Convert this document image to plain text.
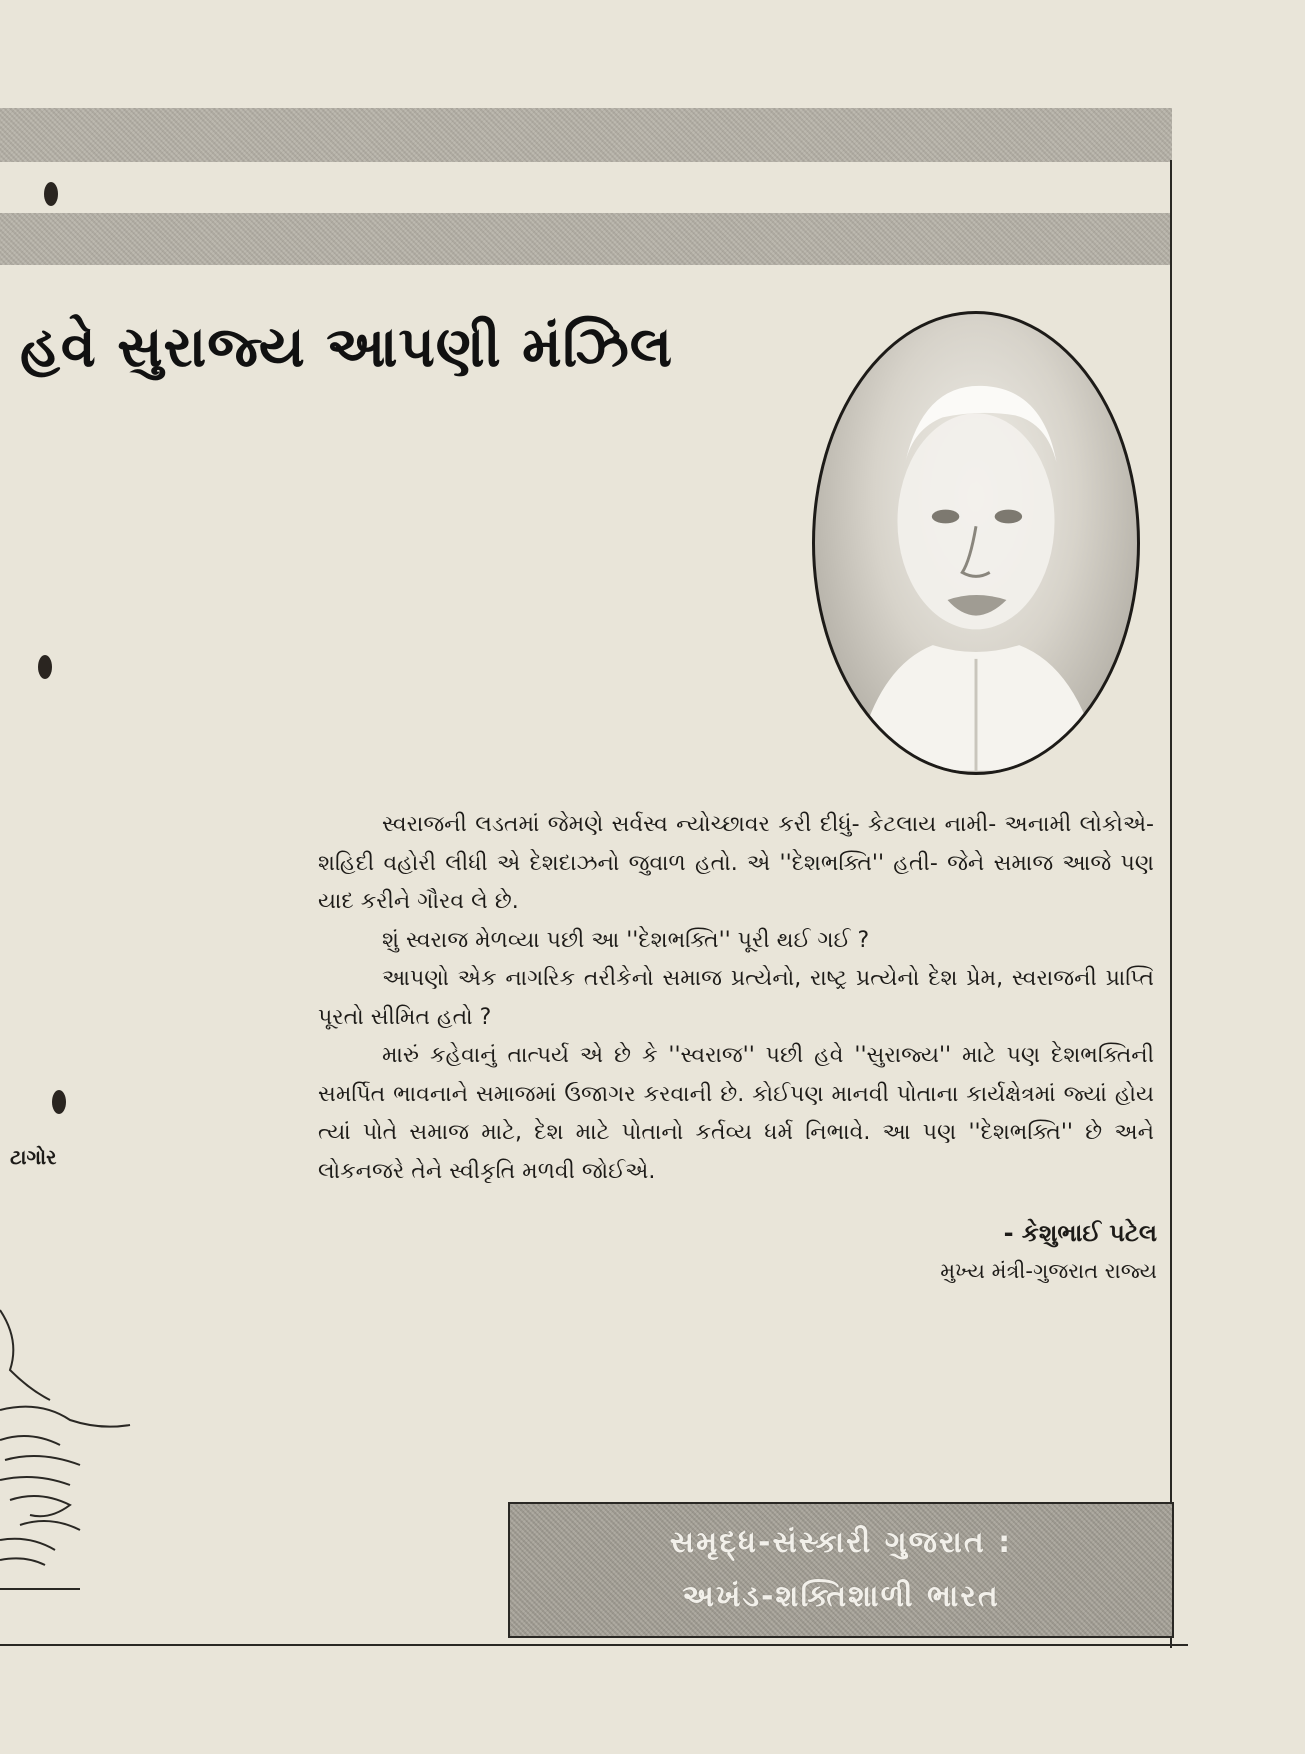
હવે સુરાજ્ય આપણી મંઝિલ

સ્વરાજની લડતમાં જેમણે સર્વસ્વ ન્યોચ્છાવર કરી દીધું- કેટલાય નામી- અનામી લોકોએ-શહિદી વહોરી લીધી એ દેશદાઝનો જુવાળ હતો. એ ''દેશભક્તિ'' હતી- જેને સમાજ આજે પણ યાદ કરીને ગૌરવ લે છે.

શું સ્વરાજ મેળવ્યા પછી આ ''દેશભક્તિ'' પૂરી થઈ ગઈ ?

આપણો એક નાગરિક તરીકેનો સમાજ પ્રત્યેનો, રાષ્ટ્ર પ્રત્યેનો દેશ પ્રેમ, સ્વરાજની પ્રાપ્તિ પૂરતો સીમિત હતો ?

મારું કહેવાનું તાત્પર્ય એ છે કે ''સ્વરાજ'' પછી હવે ''સુરાજ્ય'' માટે પણ દેશભક્તિની સમર્પિત ભાવનાને સમાજમાં ઉજાગર કરવાની છે. કોઈપણ માનવી પોતાના કાર્યક્ષેત્રમાં જ્યાં હોય ત્યાં પોતે સમાજ માટે, દેશ માટે પોતાનો કર્તવ્ય ધર્મ નિભાવે. આ પણ ''દેશભક્તિ'' છે અને લોકનજરે તેને સ્વીકૃતિ મળવી જોઈએ.

- કેશુભાઈ પટેલ
મુખ્ય મંત્રી-ગુજરાત રાજ્ય
ટાગોર
સમૃદ્ધ-સંસ્કારી ગુજરાત :
અખંડ-શક્તિશાળી ભારત
